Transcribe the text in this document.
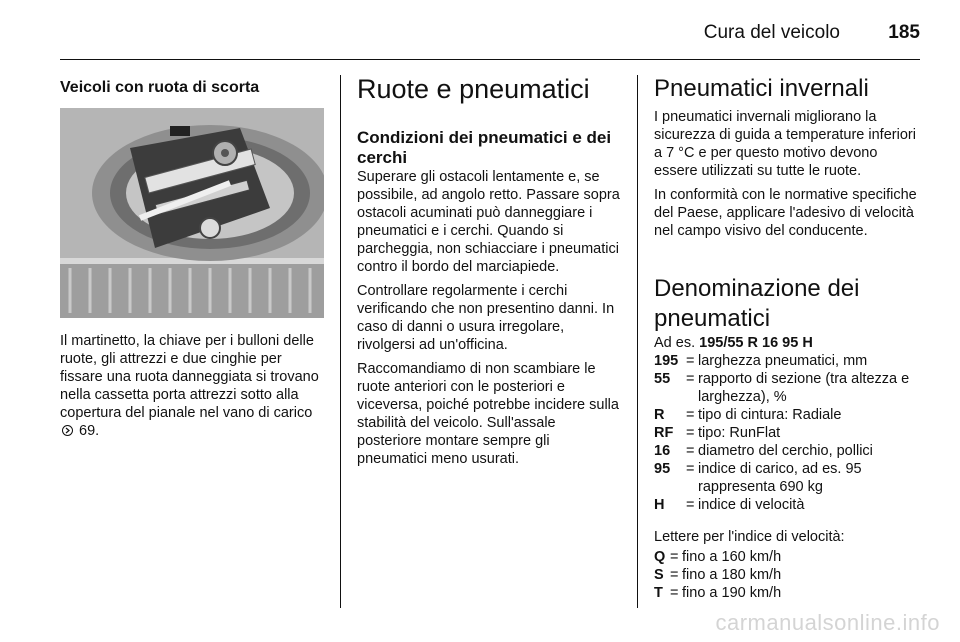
Cura del veicolo	185
Veicoli con ruota di scorta

Il martinetto, la chiave per i bulloni delle ruote, gli attrezzi e due cinghie per fissare una ruota danneggiata si trovano nella cassetta porta attrezzi sotto alla copertura del pianale nel vano di carico
69.

Ruote e pneumatici
Condizioni dei pneumatici e dei cerchi

Superare gli ostacoli lentamente e, se possibile, ad angolo retto. Passare sopra ostacoli acuminati può danneggiare i pneumatici e i cerchi. Quando si parcheggia, non schiacciare i pneumatici contro il bordo del marciapiede.

Controllare regolarmente i cerchi verificando che non presentino danni. In caso di danni o usura irregolare, rivolgersi ad un'officina.

Raccomandiamo di non scambiare le ruote anteriori con le posteriori e viceversa, poiché potrebbe incidere sulla stabilità del veicolo. Sull'assale posteriore montare sempre gli pneumatici meno usurati.

Pneumatici invernali

I pneumatici invernali migliorano la sicurezza di guida a temperature inferiori a 7 °C e per questo motivo devono essere utilizzati su tutte le ruote.

In conformità con le normative specifiche del Paese, applicare l'adesivo di velocità nel campo visivo del conducente.

Denominazione dei pneumatici

Ad es. 195/55 R 16 95 H

195 = larghezza pneumatici, mm
55	= rapporto di sezione (tra altezza e larghezza), %
R	= tipo di cintura: Radiale
RF = tipo: RunFlat
16	= diametro del cerchio, pollici
95	= indice di carico, ad es. 95 rappresenta 690 kg
H	= indice di velocità

Lettere per l'indice di velocità:

Q = fino a 160 km/h
S = fino a 180 km/h
T = fino a 190 km/h
carmanualsonline.info
